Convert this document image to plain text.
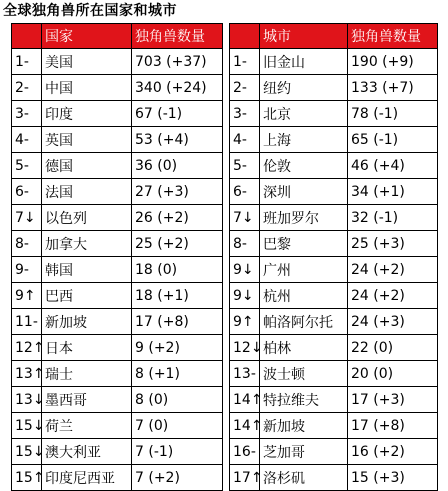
全球独角兽所在国家和城市
	国家	独角兽数量
1-	美国	703 (+37)
2-	中国	340 (+24)
3-	印度	67 (-1)
4-	英国	53 (+4)
5-	德国	36 (0)
6-	法国	27 (+3)
7↓	以色列	26 (+2)
8-	加拿大	25 (+2)
9-	韩国	18 (0)
9↑	巴西	18 (+1)
11-	新加坡	17 (+8)
12↑	日本	9 (+2)
13↑	瑞士	8 (+1)
13↓	墨西哥	8 (0)
15↓	荷兰	7 (0)
15↓	澳大利亚	7 (-1)
15↑	印度尼西亚	7 (+2)
	城市	独角兽数量
1-	旧金山	190 (+9)
2-	纽约	133 (+7)
3-	北京	78 (-1)
4-	上海	65 (-1)
5-	伦敦	46 (+4)
6-	深圳	34 (+1)
7↓	班加罗尔	32 (-1)
8-	巴黎	25 (+3)
9↓	广州	24 (+2)
9↓	杭州	24 (+2)
9↑	帕洛阿尔托	24 (+3)
12↓	柏林	22 (0)
13-	波士顿	20 (0)
14↑	特拉维夫	17 (+3)
14↑	新加坡	17 (+8)
16-	芝加哥	16 (+2)
17↑	洛杉矶	15 (+3)
